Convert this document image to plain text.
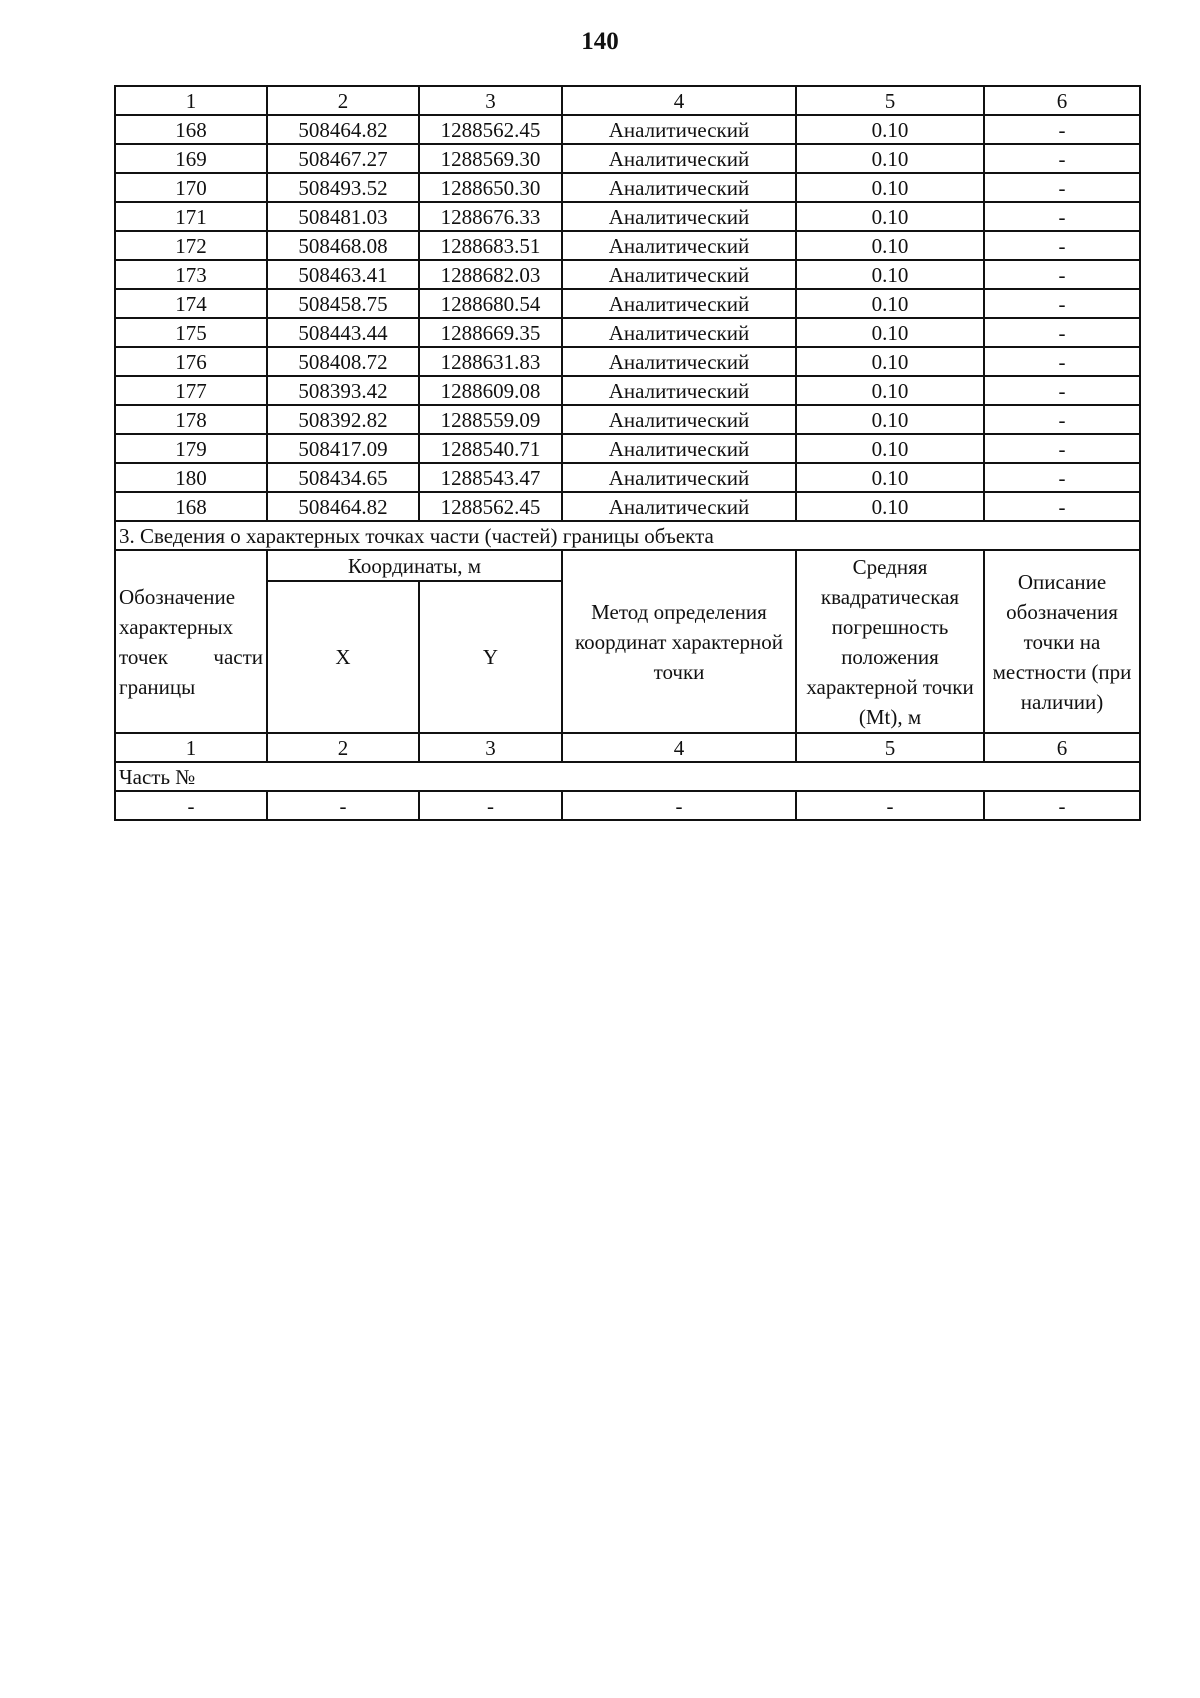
140
1	2	3	4	5	6
168	508464.82	1288562.45	Аналитический	0.10	-
169	508467.27	1288569.30	Аналитический	0.10	-
170	508493.52	1288650.30	Аналитический	0.10	-
171	508481.03	1288676.33	Аналитический	0.10	-
172	508468.08	1288683.51	Аналитический	0.10	-
173	508463.41	1288682.03	Аналитический	0.10	-
174	508458.75	1288680.54	Аналитический	0.10	-
175	508443.44	1288669.35	Аналитический	0.10	-
176	508408.72	1288631.83	Аналитический	0.10	-
177	508393.42	1288609.08	Аналитический	0.10	-
178	508392.82	1288559.09	Аналитический	0.10	-
179	508417.09	1288540.71	Аналитический	0.10	-
180	508434.65	1288543.47	Аналитический	0.10	-
168	508464.82	1288562.45	Аналитический	0.10	-
3. Сведения о характерных точках части (частей) границы объекта					
Обозначение характерных точек части границы	Координаты, м		Метод определения координат характерной точки	Средняя квадратическая погрешность положения характерной точки (Mt), м	Описание обозначения точки на местности (при наличии)
	X	Y			
1	2	3	4	5	6
Часть №					
-	-	-	-	-	-
